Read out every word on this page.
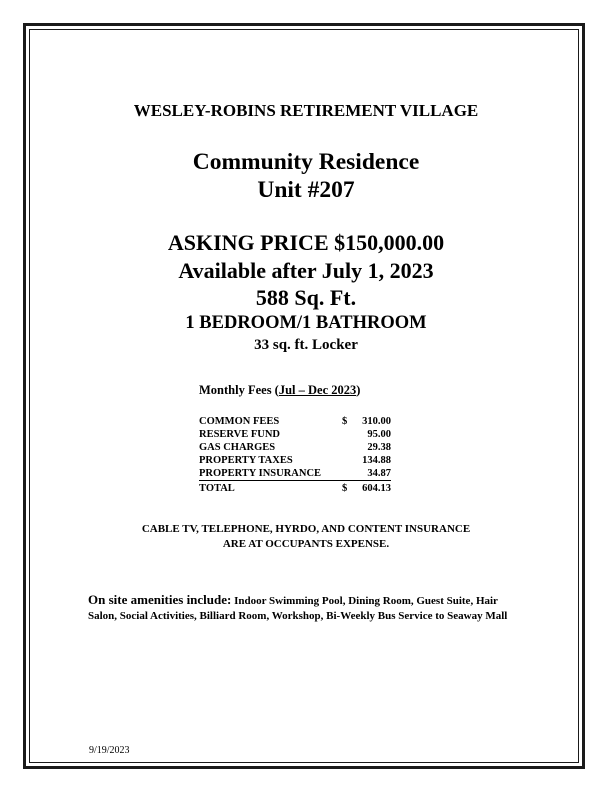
WESLEY-ROBINS RETIREMENT VILLAGE
Community Residence
Unit #207
ASKING PRICE $150,000.00
Available after July 1, 2023
588 Sq. Ft.
1 BEDROOM/1 BATHROOM
33 sq. ft. Locker
Monthly Fees (Jul – Dec 2023)
COMMON FEES	$ 310.00
RESERVE FUND	95.00
GAS CHARGES	29.38
PROPERTY TAXES	134.88
PROPERTY INSURANCE	34.87
TOTAL	$ 604.13
CABLE TV, TELEPHONE, HYRDO, AND CONTENT INSURANCE
ARE AT OCCUPANTS EXPENSE.
On site amenities include: Indoor Swimming Pool, Dining Room, Guest Suite, Hair Salon, Social Activities, Billiard Room, Workshop, Bi-Weekly Bus Service to Seaway Mall
9/19/2023
